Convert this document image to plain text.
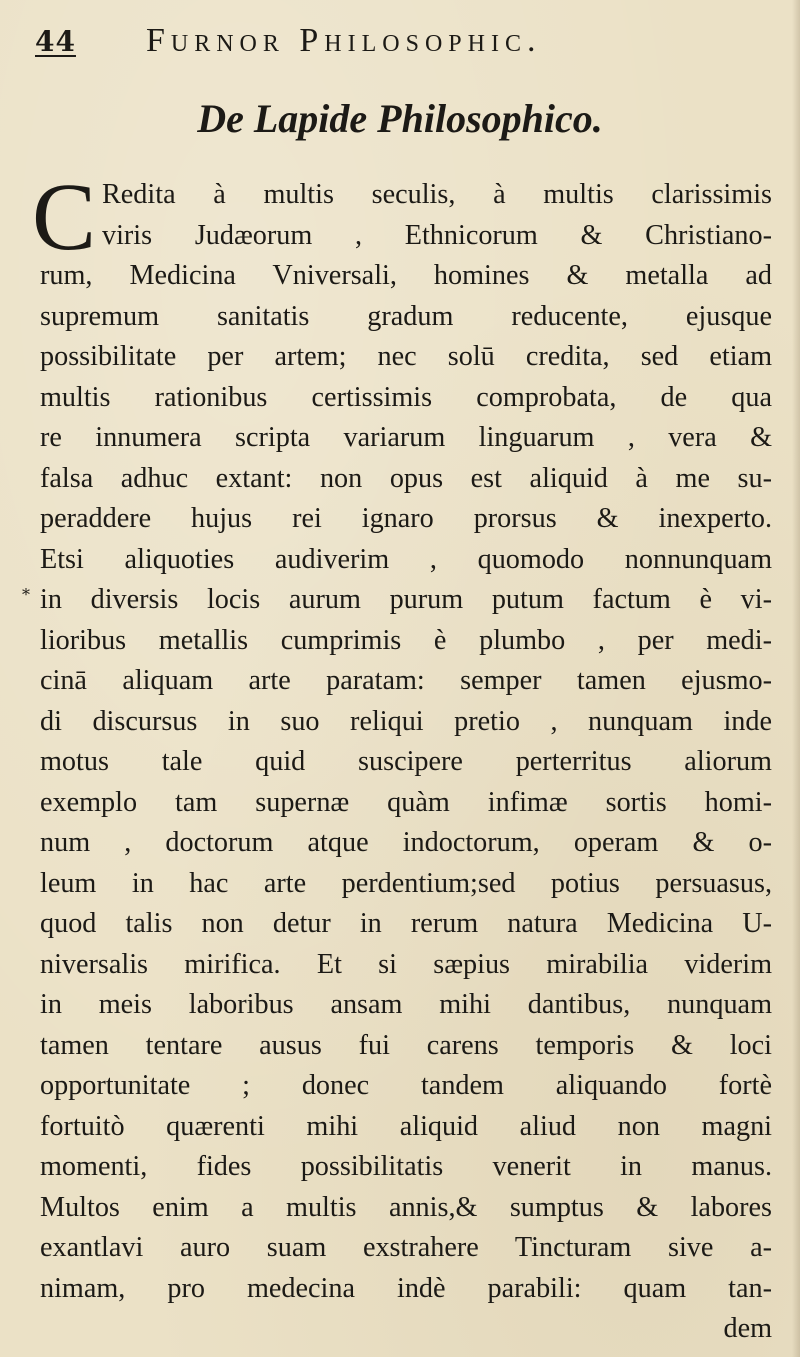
44 Furnor Philosophic.
De Lapide Philosophico.
*
C Redita à multis seculis, à multis clarissimis
viris Judæorum , Ethnicorum & Christiano-
rum, Medicina Vniversali, homines & metalla ad
supremum sanitatis gradum reducente, ejusque
possibilitate per artem; nec solū credita, sed etiam
multis rationibus certissimis comprobata, de qua
re innumera scripta variarum linguarum , vera &
falsa adhuc extant: non opus est aliquid à me su-
peraddere hujus rei ignaro prorsus & inexperto.
Etsi aliquoties audiverim , quomodo nonnunquam
in diversis locis aurum purum putum factum è vi-
lioribus metallis cumprimis è plumbo , per medi-
cinā aliquam arte paratam: semper tamen ejusmo-
di discursus in suo reliqui pretio , nunquam inde
motus tale quid suscipere perterritus aliorum
exemplo tam supernæ quàm infimæ sortis homi-
num , doctorum atque indoctorum, operam & o-
leum in hac arte perdentium;sed potius persuasus,
quod talis non detur in rerum natura Medicina U-
niversalis mirifica. Et si sæpius mirabilia viderim
in meis laboribus ansam mihi dantibus, nunquam
tamen tentare ausus fui carens temporis & loci
opportunitate ; donec tandem aliquando fortè
fortuitò quærenti mihi aliquid aliud non magni
momenti, fides possibilitatis venerit in manus.
Multos enim a multis annis,& sumptus & labores
exantlavi auro suam exstrahere Tincturam sive a-
nimam, pro medecina indè parabili: quam tan-
dem
